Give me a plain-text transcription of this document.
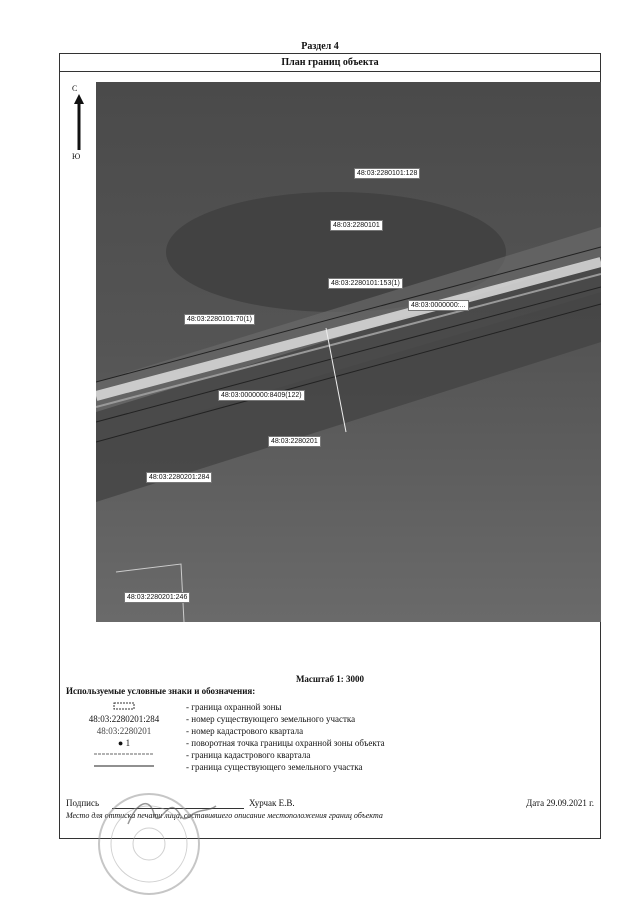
Раздел 4
План границ объекта
С
Ю
48:03:2280101:128
48:03:2280101
48:03:2280101:153(1)
48:03:0000000:...
48:03:2280101:70(1)
48:03:0000000:8409(122)
48:03:2280201
48:03:2280201:284
48:03:2280201:246
Масштаб 1: 3000
Используемые условные знаки и обозначения:
- граница охранной зоны
48:03:2280201:284	- номер существующего земельного участка
48:03:2280201	- номер кадастрового квартала
● 1	- поворотная точка границы охранной зоны объекта
- граница кадастрового квартала
- граница существующего земельного участка
Подпись	Хурчак Е.В.	Дата 29.09.2021 г.
Место для оттиска печати лица, составившего описание местоположения границ объекта
